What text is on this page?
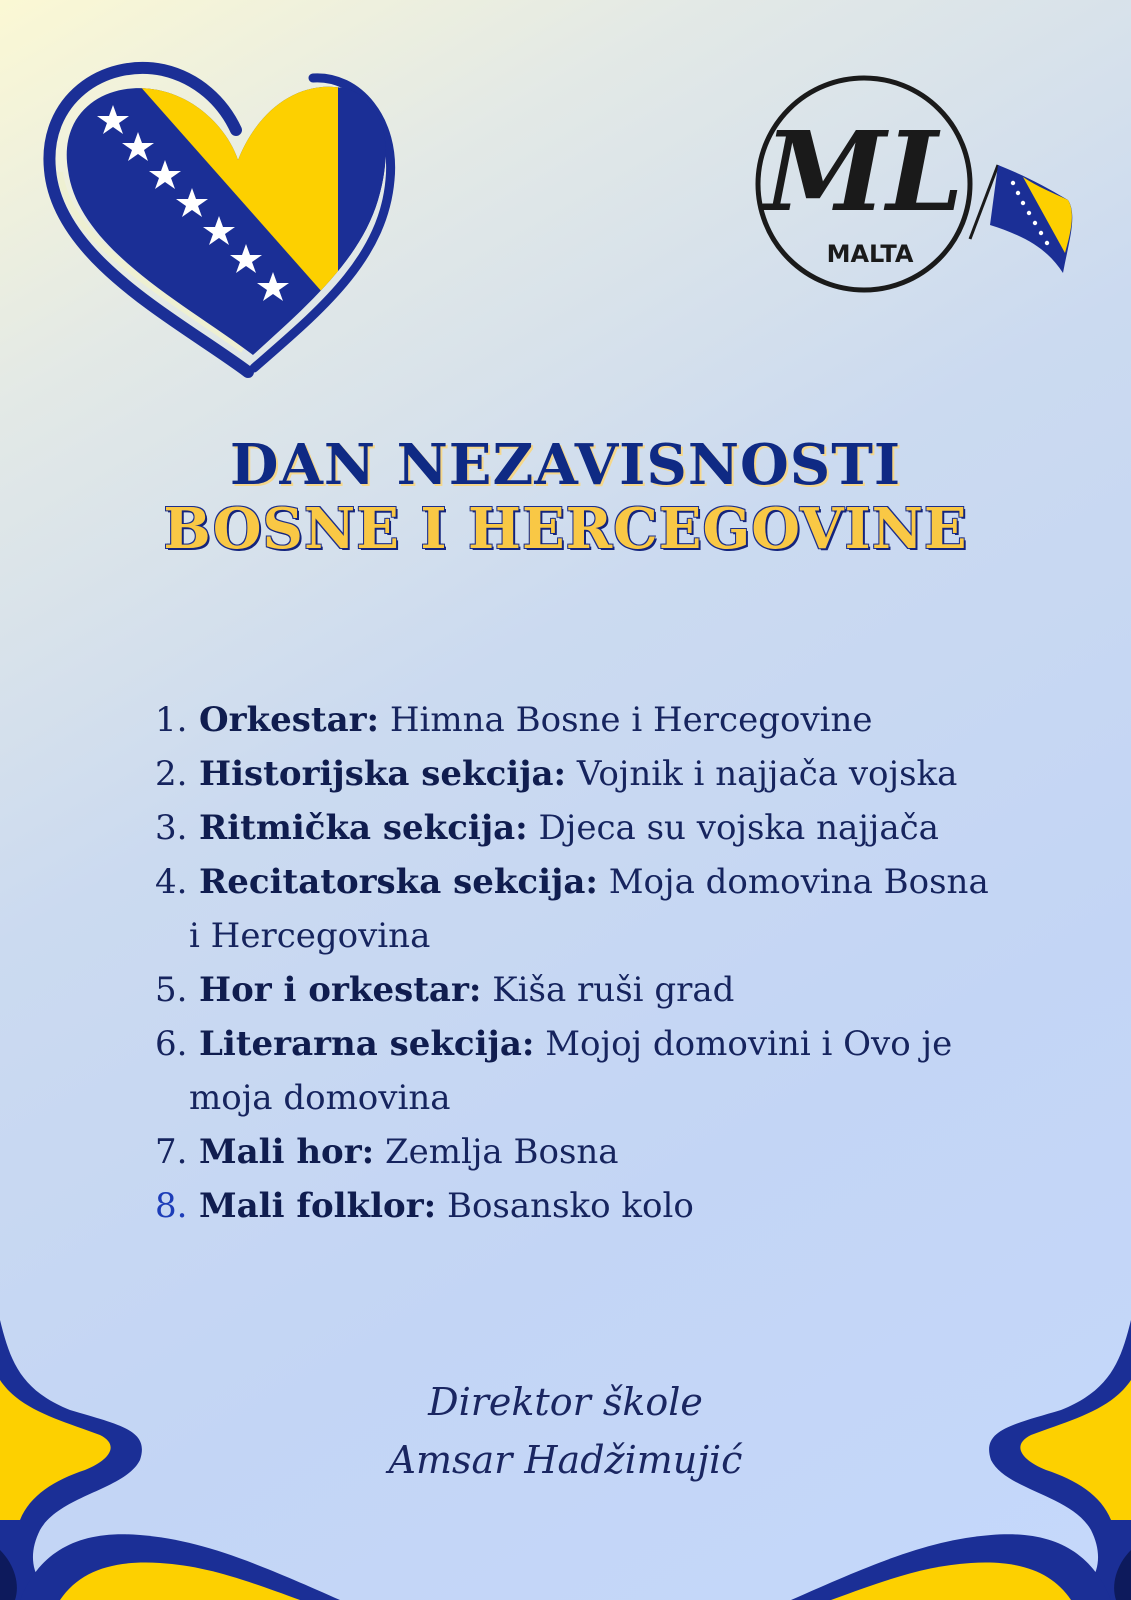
ML
MALTA
DAN NEZAVISNOSTI
BOSNE I HERCEGOVINE
1. Orkestar: Himna Bosne i Hercegovine
2. Historijska sekcija: Vojnik i najjača vojska
3. Ritmička sekcija: Djeca su vojska najjača
4. Recitatorska sekcija: Moja domovina Bosna
i Hercegovina
5. Hor i orkestar: Kiša ruši grad
6. Literarna sekcija: Mojoj domovini i Ovo je
moja domovina
7. Mali hor: Zemlja Bosna
8. Mali folklor: Bosansko kolo
Direktor škole
Amsar Hadžimujić
